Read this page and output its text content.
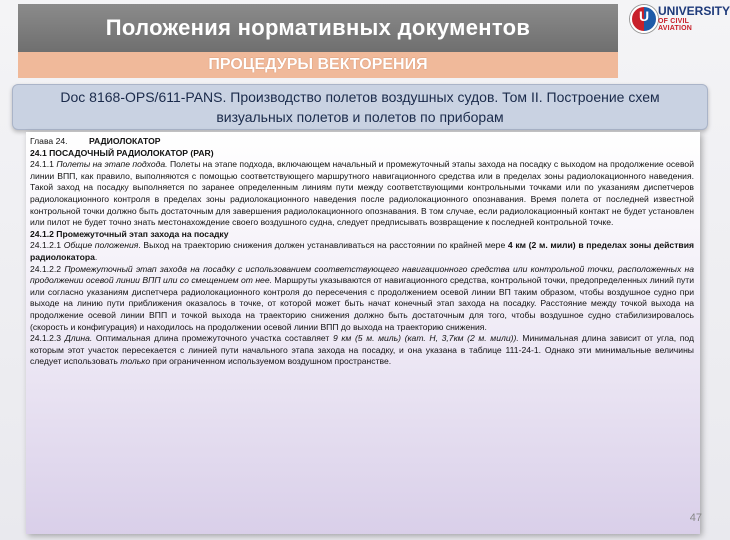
Положения нормативных документов
ПРОЦЕДУРЫ ВЕКТОРЕНИЯ
U UNIVERSITY
OF CIVIL AVIATION
Doc 8168-OPS/611-PANS. Производство полетов воздушных судов. Том II. Построение схем визуальных полетов и полетов по приборам

Глава 24.	РАДИОЛОКАТОР

24.1 ПОСАДОЧНЫЙ РАДИОЛОКАТОР (PAR)

24.1.1 Полеты на этапе подхода. Полеты на этапе подхода, включающем начальный и промежуточный этапы захода на посадку с выходом на продолжение осевой линии ВПП, как правило, выполняются с помощью соответствующего маршрутного навигационного средства или в пределах зоны радиолокационного наведения. Такой заход на посадку выполняется по заранее определенным линиям пути между соответствующими контрольными точками или по указаниям диспетчеров радиолокационного контроля в пределах зоны радиолокационного наведения после радиолокационного опознавания. Время полета от последней известной контрольной точки должно быть достаточным для завершения радиолокационного опознавания. В том случае, если радиолокационный контакт не будет установлен или пилот не будет точно знать местонахождение своего воздушного судна, следует предписывать возвращение к последней контрольной точке.

24.1.2 Промежуточный этап захода на посадку

24.1.2.1 Общие положения. Выход на траекторию снижения должен устанавливаться на расстоянии по крайней мере 4 км (2 м. мили) в пределах зоны действия радиолокатора.

24.1.2.2 Промежуточный этап захода на посадку с использованием соответствующего навигационного средства или контрольной точки, расположенных на продолжении осевой линии ВПП или со смещением от нее. Маршруты указываются от навигационного средства, контрольной точки, предопределенных линий пути или согласно указаниям диспетчера радиолокационного контроля до пересечения с продолжением осевой линии ВП таким образом, чтобы воздушное судно при выходе на линию пути приближения оказалось в точке, от которой может быть начат конечный этап захода на посадку. Расстояние между точкой выхода на продолжение осевой линии ВПП и точкой выхода на траекторию снижения должно быть достаточным для того, чтобы воздушное судно стабилизировалось (скорость и конфигурация) и находилось на продолжении осевой линии ВПП до выхода на траекторию снижения.

24.1.2.3 Длина. Оптимальная длина промежуточного участка составляет 9 км (5 м. миль) (кат. Н, 3,7км (2 м. мили)). Минимальная длина зависит от угла, под которым этот участок пересекается с линией пути начального этапа захода на посадку, и она указана в таблице 111-24-1. Однако эти минимальные величины следует использовать только при ограниченном используемом воздушном пространстве.

47
